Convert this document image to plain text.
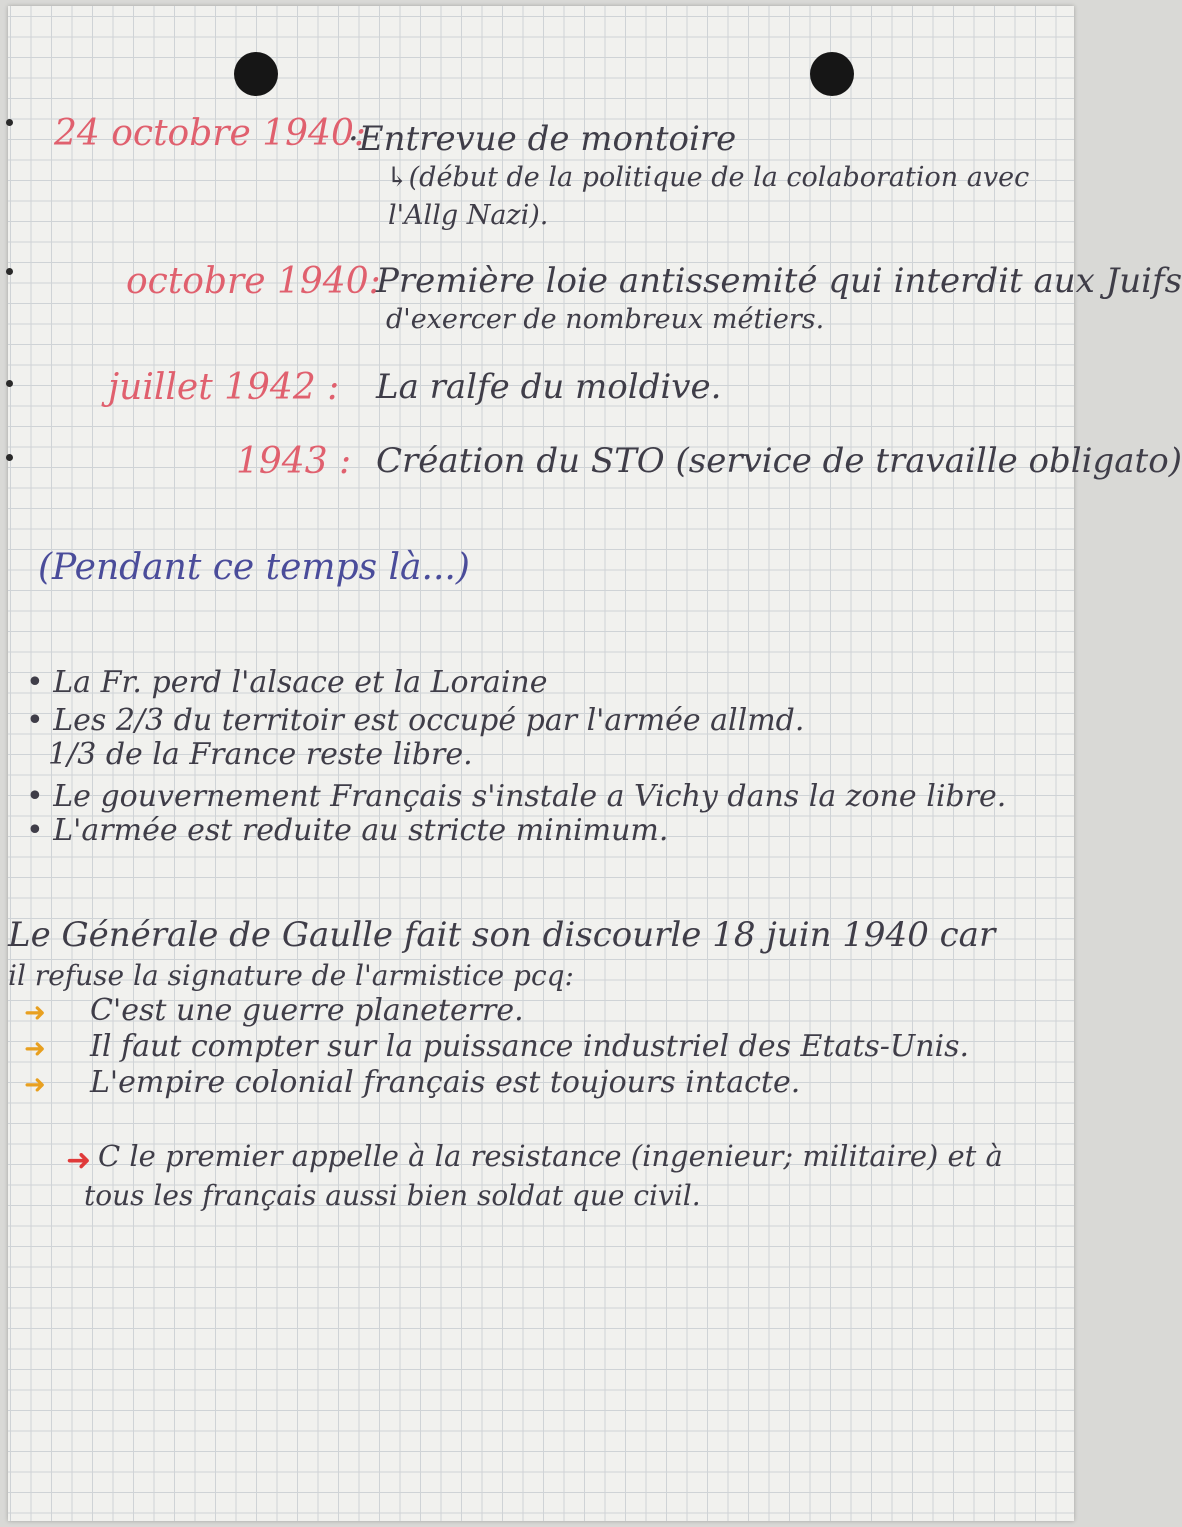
24 octobre 1940:
·Entrevue de montoire
↳(début de la politique de la colaboration avec
l'Allg Nazi).
octobre 1940:
Première loie antissemité qui interdit aux Juifs
d'exercer de nombreux métiers.
juillet 1942 : La ralfe du moldive.
1943 : Création du STO (service de travaille obligato)
(Pendant ce temps là...)
• La Fr. perd l'alsace et la Loraine
• Les 2/3 du territoir est occupé par l'armée allmd.
1/3 de la France reste libre.
• Le gouvernement Français s'instale a Vichy dans la zone libre.
• L'armée est reduite au stricte minimum.
Le Générale de Gaulle fait son discourle 18 juin 1940 car
il refuse la signature de l'armistice pcq:
➜ C'est une guerre planeterre.
➜ Il faut compter sur la puissance industriel des Etats-Unis.
➜ L'empire colonial français est toujours intacte.
➜ C le premier appelle à la resistance (ingenieur; militaire) et à
tous les français aussi bien soldat que civil.
